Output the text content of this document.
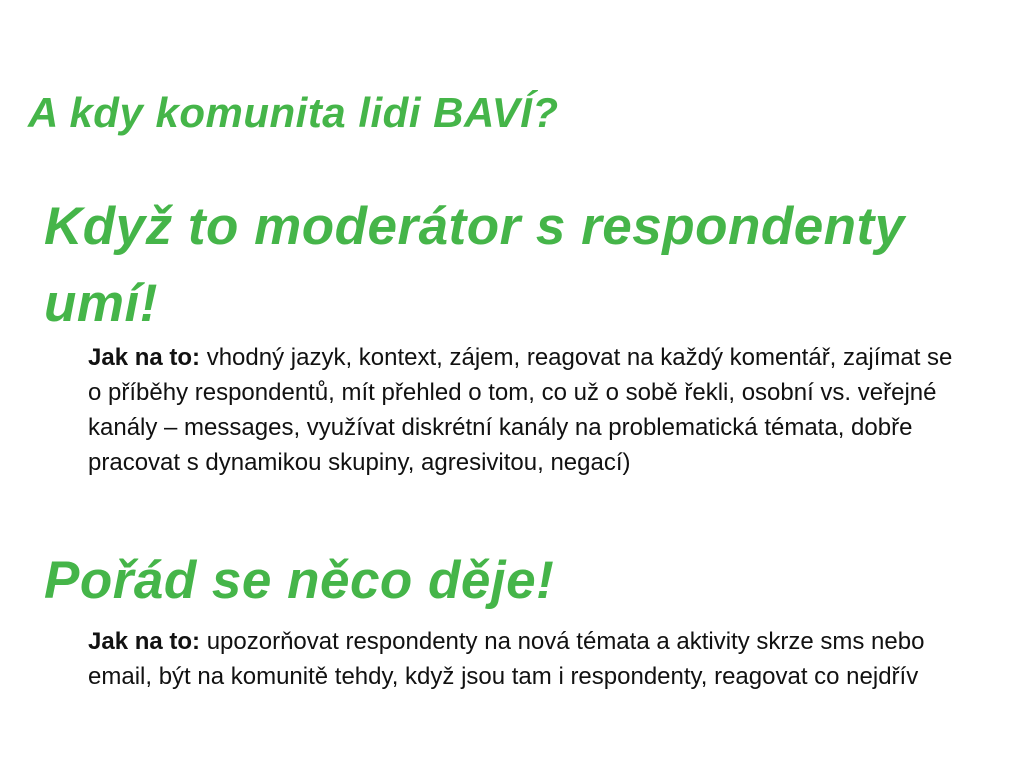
A kdy komunita lidi BAVÍ?
Když to moderátor s respondenty umí!

Jak na to: vhodný jazyk, kontext, zájem, reagovat na každý komentář, zajímat se o příběhy respondentů, mít přehled o tom, co už o sobě řekli, osobní vs. veřejné kanály – messages, využívat diskrétní kanály na problematická témata, dobře pracovat s dynamikou skupiny, agresivitou, negací)

Pořád se něco děje!

Jak na to: upozorňovat respondenty na nová témata a aktivity skrze sms nebo email, být na komunitě tehdy, když jsou tam i respondenty, reagovat co nejdřív
